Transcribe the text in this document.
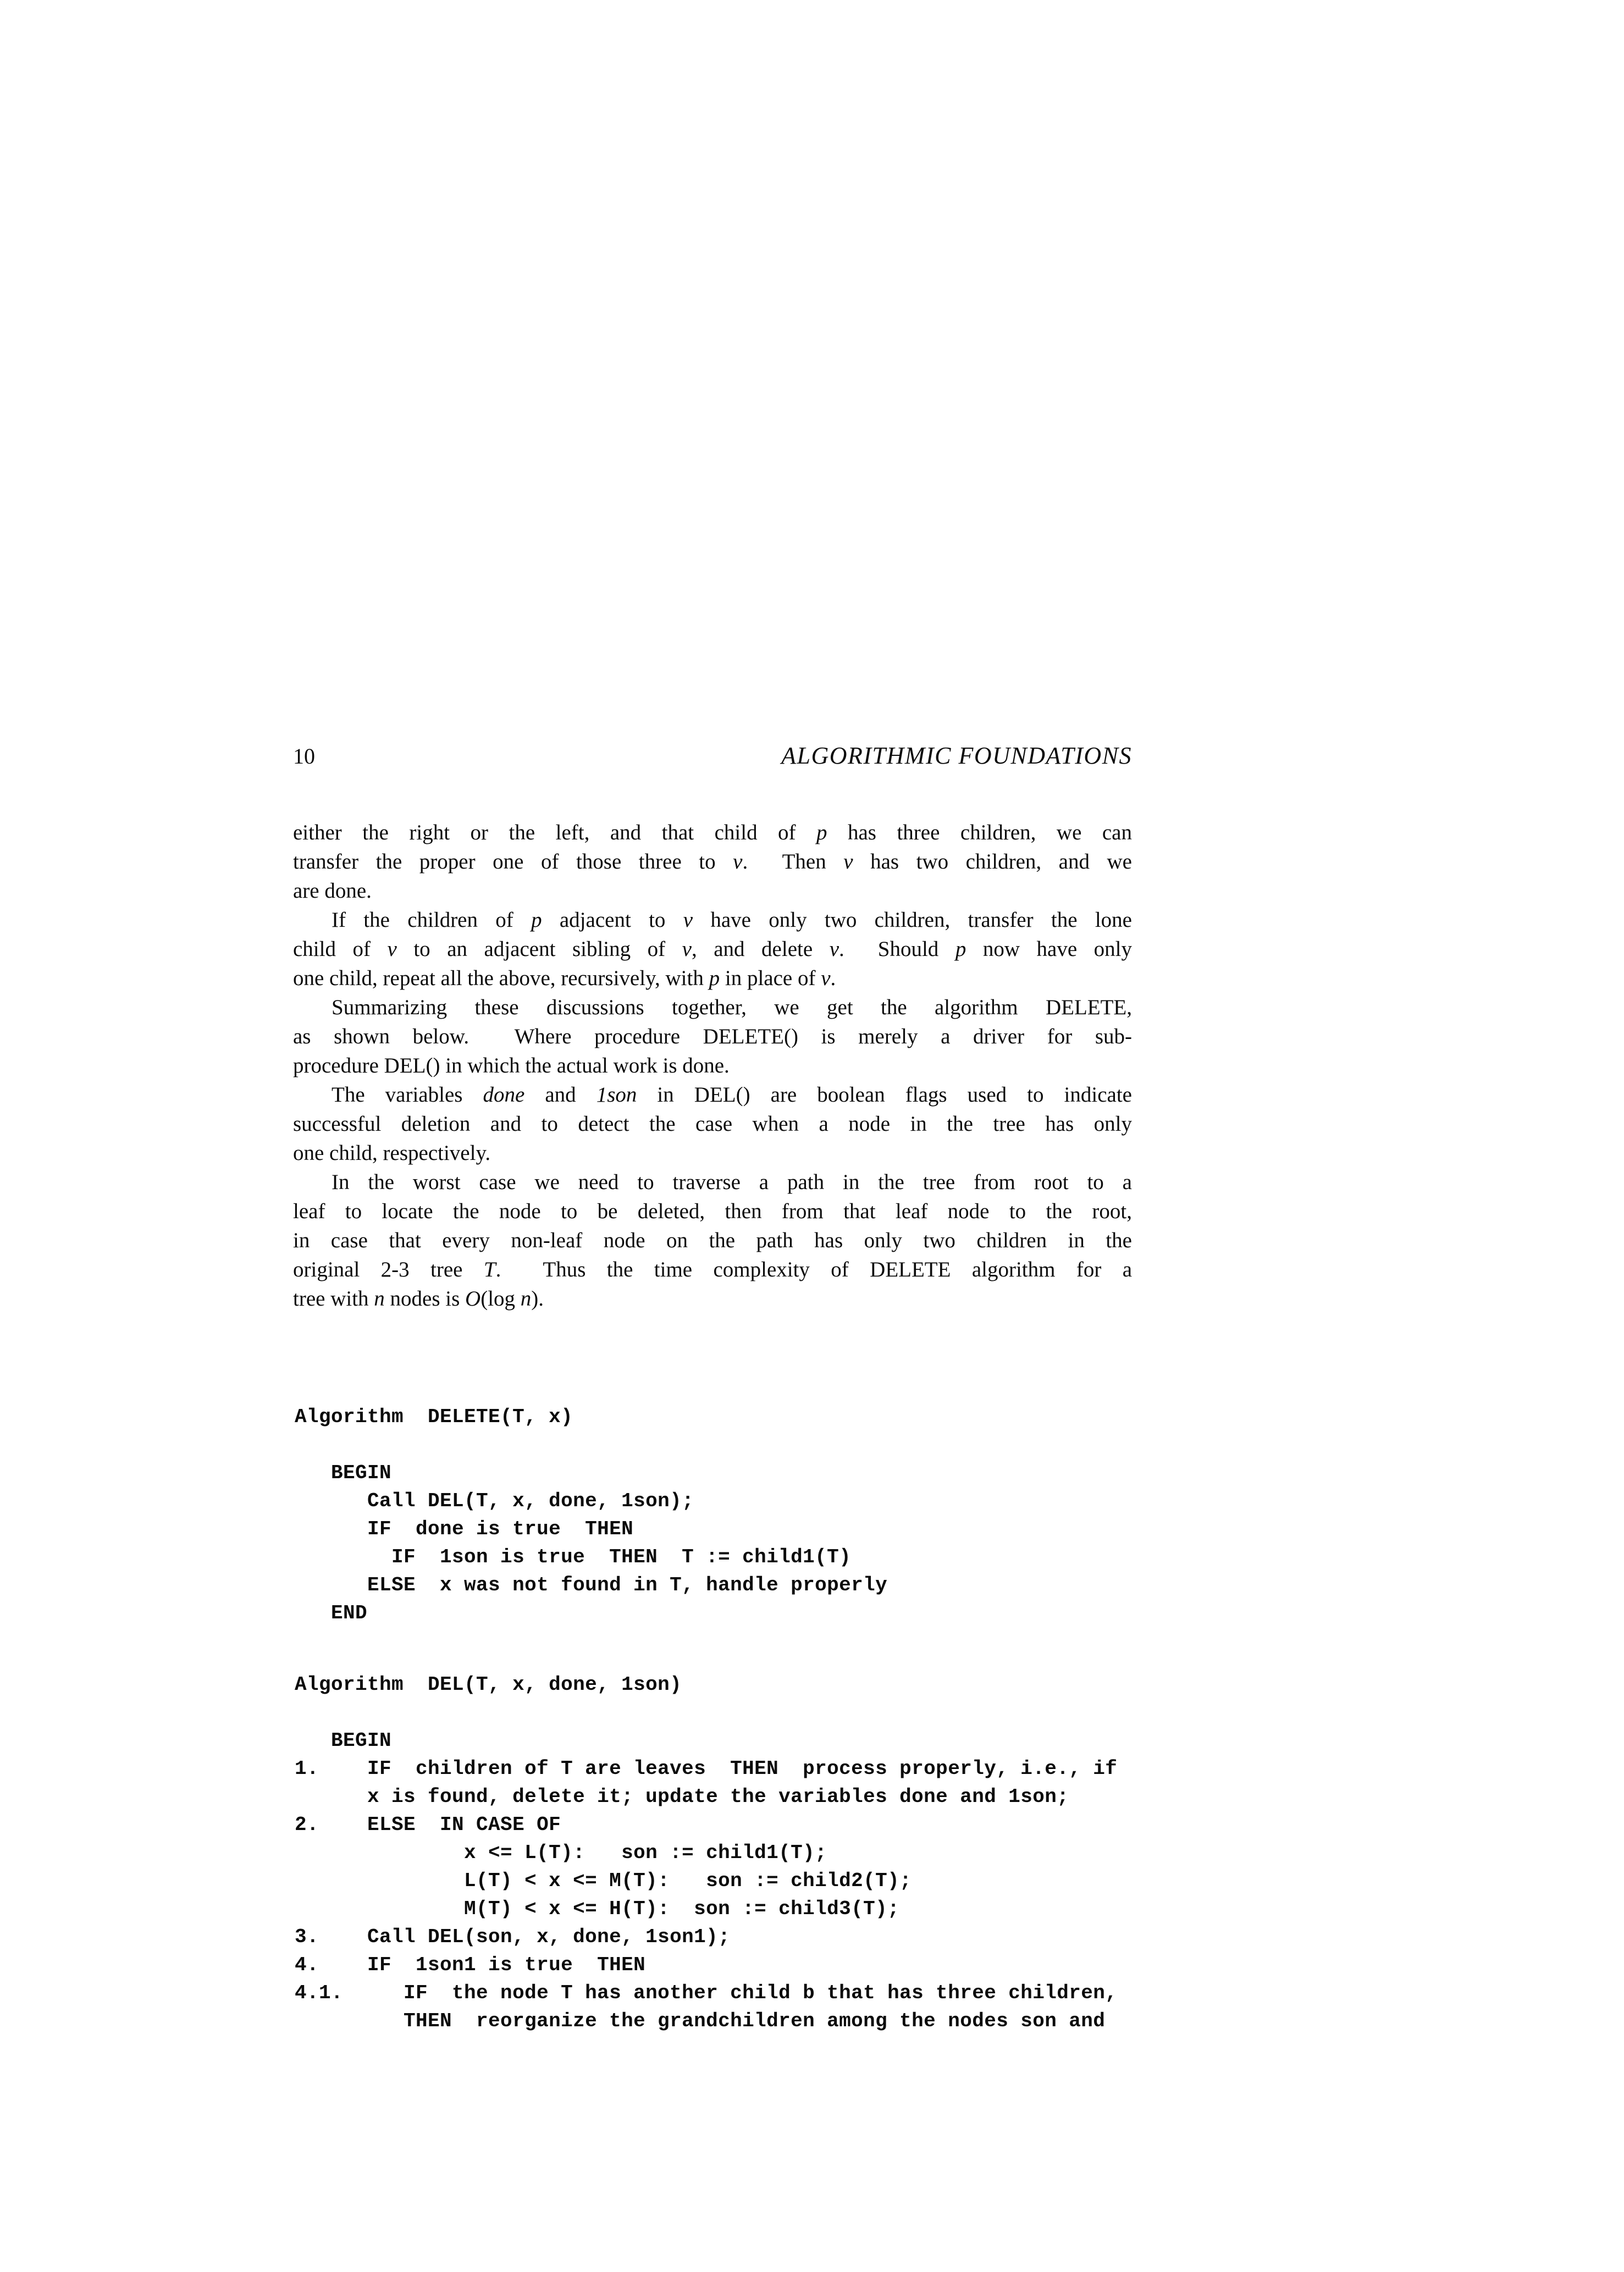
10	ALGORITHMIC FOUNDATIONS
either the right or the left, and that child of p has three children, we can
transfer the proper one of those three to v.  Then v has two children, and we
are done.
If the children of p adjacent to v have only two children, transfer the lone
child of v to an adjacent sibling of v, and delete v.  Should p now have only
one child, repeat all the above, recursively, with p in place of v.
Summarizing these discussions together, we get the algorithm DELETE,
as shown below.  Where procedure DELETE() is merely a driver for sub-
procedure DEL() in which the actual work is done.
The variables done and 1son in DEL() are boolean flags used to indicate
successful deletion and to detect the case when a node in the tree has only
one child, respectively.
In the worst case we need to traverse a path in the tree from root to a
leaf to locate the node to be deleted, then from that leaf node to the root,
in case that every non-leaf node on the path has only two children in the
original 2-3 tree T.  Thus the time complexity of DELETE algorithm for a
tree with n nodes is O(log n).
Algorithm  DELETE(T, x)
BEGIN
Call DEL(T, x, done, 1son);
IF  done is true  THEN
IF  1son is true  THEN  T := child1(T)
ELSE  x was not found in T, handle properly
END
Algorithm  DEL(T, x, done, 1son)
BEGIN
1.    IF  children of T are leaves  THEN  process properly, i.e., if
x is found, delete it; update the variables done and 1son;
2.    ELSE  IN CASE OF
x <= L(T):   son := child1(T);
L(T) < x <= M(T):   son := child2(T);
M(T) < x <= H(T):  son := child3(T);
3.    Call DEL(son, x, done, 1son1);
4.    IF  1son1 is true  THEN
4.1.     IF  the node T has another child b that has three children,
THEN  reorganize the grandchildren among the nodes son and
